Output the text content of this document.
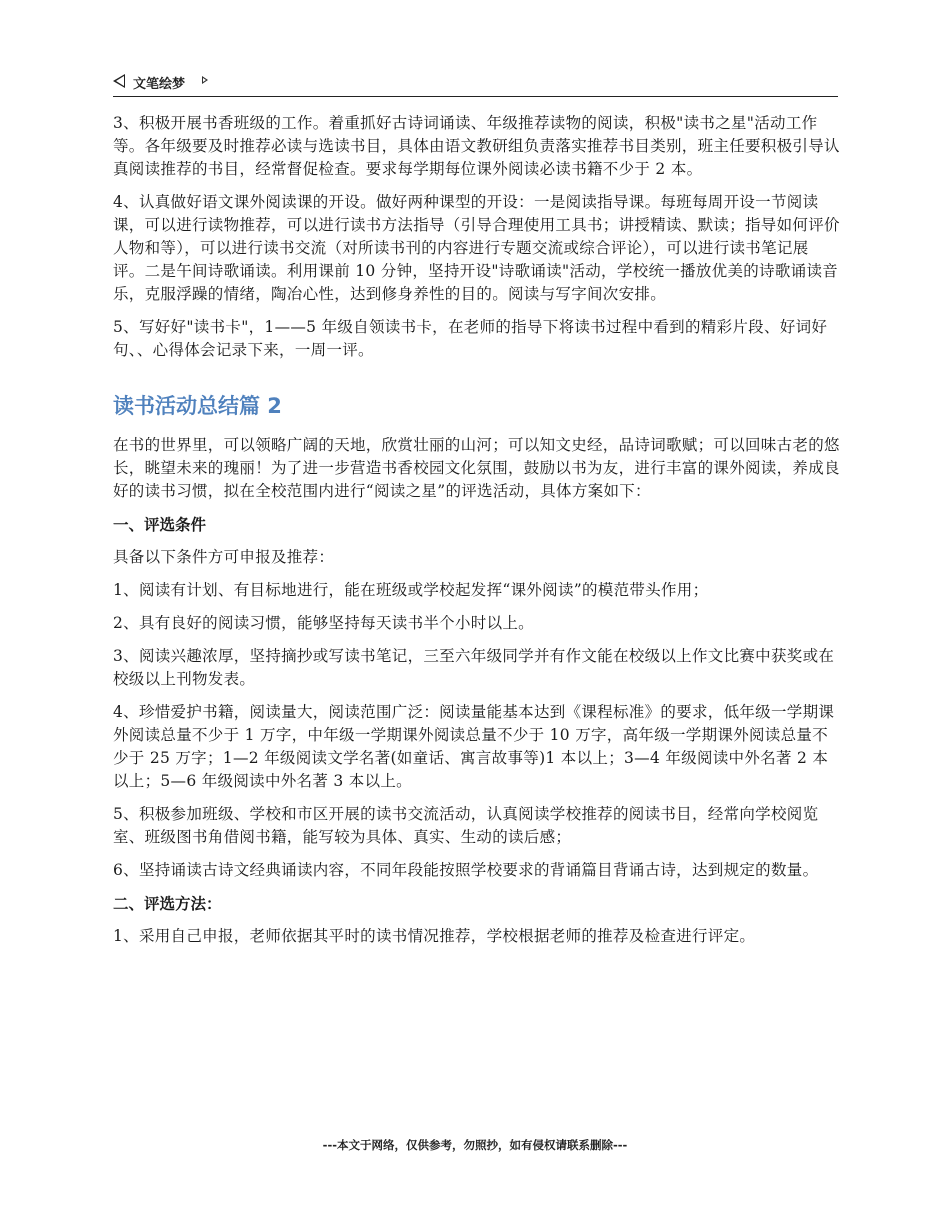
文笔绘梦

3、积极开展书香班级的工作。着重抓好古诗词诵读、年级推荐读物的阅读，积极"读书之星"活动工作等。各年级要及时推荐必读与选读书目，具体由语文教研组负责落实推荐书目类别，班主任要积极引导认真阅读推荐的书目，经常督促检查。要求每学期每位课外阅读必读书籍不少于 2 本。

4、认真做好语文课外阅读课的开设。做好两种课型的开设：一是阅读指导课。每班每周开设一节阅读课，可以进行读物推荐，可以进行读书方法指导（引导合理使用工具书；讲授精读、默读；指导如何评价人物和等），可以进行读书交流（对所读书刊的内容进行专题交流或综合评论），可以进行读书笔记展评。二是午间诗歌诵读。利用课前 10 分钟，坚持开设"诗歌诵读"活动，学校统一播放优美的诗歌诵读音乐，克服浮躁的情绪，陶冶心性，达到修身养性的目的。阅读与写字间次安排。

5、写好好"读书卡"，1——5 年级自领读书卡，在老师的指导下将读书过程中看到的精彩片段、好词好句、、心得体会记录下来，一周一评。

读书活动总结篇 2

在书的世界里，可以领略广阔的天地，欣赏壮丽的山河；可以知文史经，品诗词歌赋；可以回味古老的悠长，眺望未来的瑰丽！为了进一步营造书香校园文化氛围，鼓励以书为友，进行丰富的课外阅读，养成良好的读书习惯，拟在全校范围内进行“阅读之星”的评选活动，具体方案如下：

一、评选条件

具备以下条件方可申报及推荐：

1、阅读有计划、有目标地进行，能在班级或学校起发挥“课外阅读”的模范带头作用；

2、具有良好的阅读习惯，能够坚持每天读书半个小时以上。

3、阅读兴趣浓厚，坚持摘抄或写读书笔记，三至六年级同学并有作文能在校级以上作文比赛中获奖或在校级以上刊物发表。

4、珍惜爱护书籍，阅读量大，阅读范围广泛：阅读量能基本达到《课程标准》的要求，低年级一学期课外阅读总量不少于 1 万字，中年级一学期课外阅读总量不少于 10 万字，高年级一学期课外阅读总量不少于 25 万字；1—2 年级阅读文学名著(如童话、寓言故事等)1 本以上；3—4 年级阅读中外名著 2 本以上；5—6 年级阅读中外名著 3 本以上。

5、积极参加班级、学校和市区开展的读书交流活动，认真阅读学校推荐的阅读书目，经常向学校阅览室、班级图书角借阅书籍，能写较为具体、真实、生动的读后感；

6、坚持诵读古诗文经典诵读内容，不同年段能按照学校要求的背诵篇目背诵古诗，达到规定的数量。

二、评选方法：

1、采用自己申报，老师依据其平时的读书情况推荐，学校根据老师的推荐及检查进行评定。

---本文于网络，仅供参考，勿照抄，如有侵权请联系删除---
